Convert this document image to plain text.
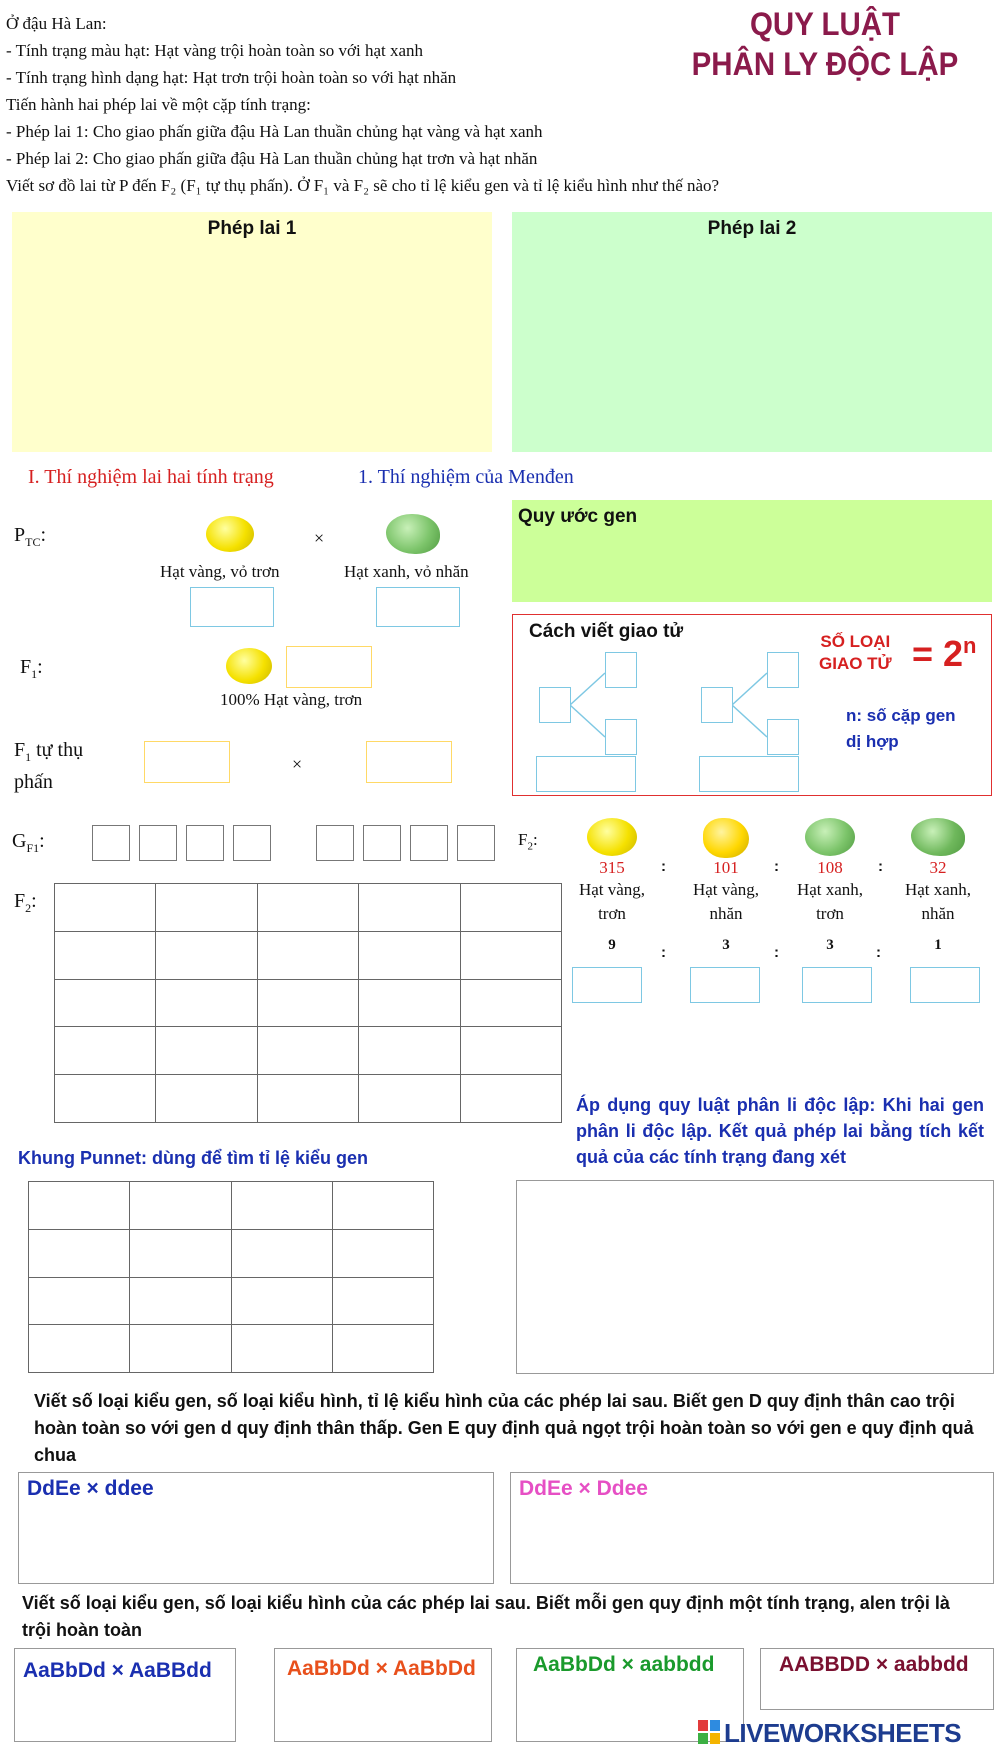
Ở đậu Hà Lan:
- Tính trạng màu hạt: Hạt vàng trội hoàn toàn so với hạt xanh
- Tính trạng hình dạng hạt: Hạt trơn trội hoàn toàn so với hạt nhăn
Tiến hành hai phép lai về một cặp tính trạng:
- Phép lai 1: Cho giao phấn giữa đậu Hà Lan thuần chủng hạt vàng và hạt xanh
- Phép lai 2: Cho giao phấn giữa đậu Hà Lan thuần chủng hạt trơn và hạt nhăn
Viết sơ đồ lai từ P đến F₂ (F₁ tự thụ phấn). Ở F₁ và F₂ sẽ cho tỉ lệ kiểu gen và tỉ lệ kiểu hình như thế nào?
QUY LUẬT
PHÂN LY ĐỘC LẬP
Phép lai 1	Phép lai 2
I. Thí nghiệm lai hai tính trạng	1. Thí nghiệm của Menđen
$P_{TC}$:	×
Hạt vàng, vỏ trơn	Hạt xanh, vỏ nhăn
$F_1$:
100% Hạt vàng, trơn
$F_1$ tự thụ
phấn
×
$G_{F1}$:
$F_2$:

Quy ước gen
Cách viết giao tử	SỐ LOẠI
GIAO TỬ = $2^n$
n: số cặp gen
dị hợp
$F_2$:
315
Hạt vàng,
trơn
9
101
Hạt vàng,
nhăn
3
108
Hạt xanh,
trơn
3
32
Hạt xanh,
nhăn
1
:	:	:
:	:	:
Áp dụng quy luật phân li độc lập: Khi hai gen phân li độc lập. Kết quả phép lai bằng tích kết quả của các tính trạng đang xét
Khung Punnet: dùng để tìm tỉ lệ kiểu gen

Viết số loại kiểu gen, số loại kiểu hình, tỉ lệ kiểu hình của các phép lai sau. Biết gen D quy định thân cao trội hoàn toàn so với gen d quy định thân thấp. Gen E quy định quả ngọt trội hoàn toàn so với gen e quy định quả chua
DdEe × ddee	DdEe × Ddee
Viết số loại kiểu gen, số loại kiểu hình của các phép lai sau. Biết mỗi gen quy định một tính trạng, alen trội là trội hoàn toàn
AaBbDd × AaBBdd	AaBbDd × AaBbDd	AaBbDd × aabbdd	AABBDD × aabbdd
LIVEWORKSHEETS
